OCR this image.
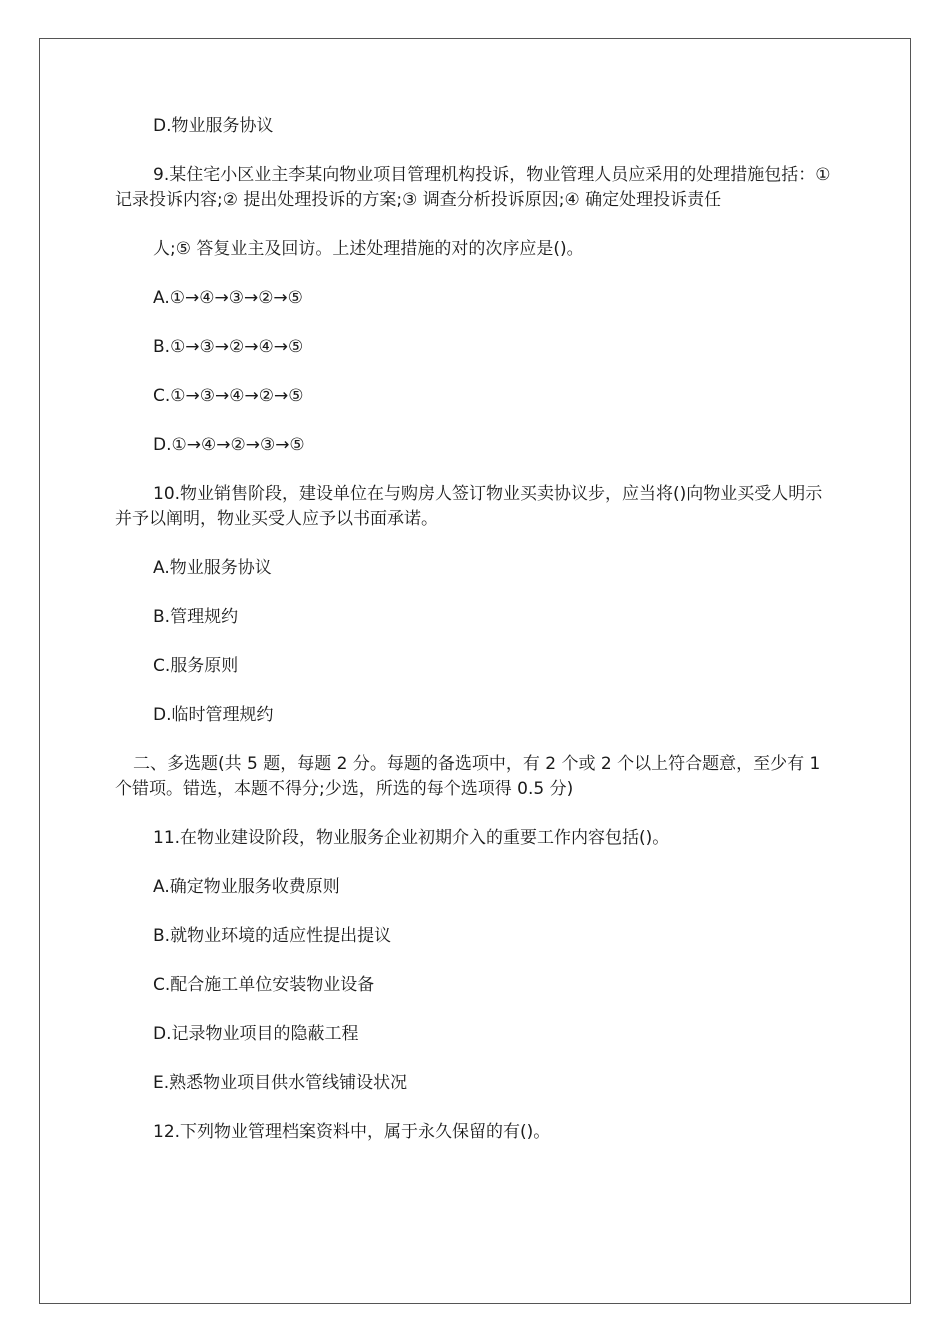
D.物业服务协议

9.某住宅小区业主李某向物业项目管理机构投诉，物业管理人员应采用的处理措施包括：①记录投诉内容;② 提出处理投诉的方案;③ 调查分析投诉原因;④ 确定处理投诉责任

人;⑤ 答复业主及回访。上述处理措施的对的次序应是()。

A.①→④→③→②→⑤

B.①→③→②→④→⑤

C.①→③→④→②→⑤

D.①→④→②→③→⑤

10.物业销售阶段，建设单位在与购房人签订物业买卖协议步，应当将()向物业买受人明示并予以阐明，物业买受人应予以书面承诺。

A.物业服务协议

B.管理规约

C.服务原则

D.临时管理规约

二、多选题(共 5 题，每题 2 分。每题的备选项中，有 2 个或 2 个以上符合题意，至少有 1 个错项。错选，本题不得分;少选，所选的每个选项得 0.5 分)

11.在物业建设阶段，物业服务企业初期介入的重要工作内容包括()。

A.确定物业服务收费原则

B.就物业环境的适应性提出提议

C.配合施工单位安装物业设备

D.记录物业项目的隐蔽工程

E.熟悉物业项目供水管线铺设状况

12.下列物业管理档案资料中，属于永久保留的有()。
